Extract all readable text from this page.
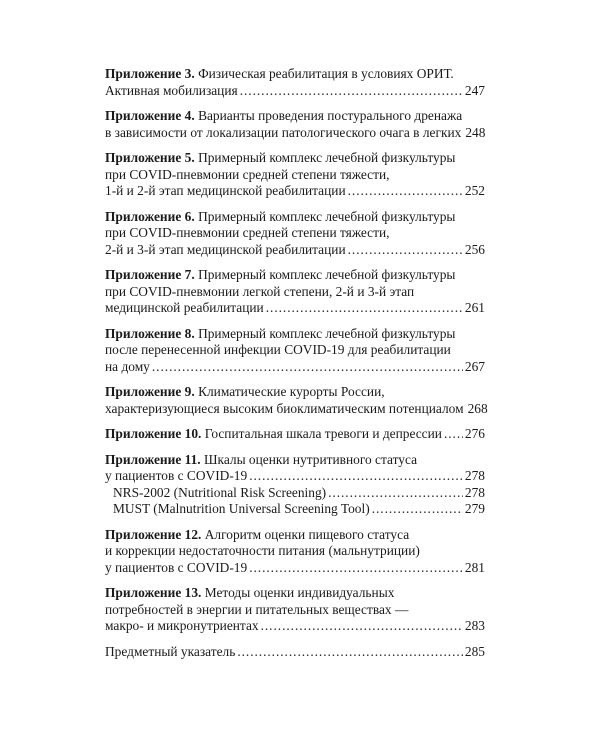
Приложение 3.
Физическая реабилитация в условиях ОРИТ.
Активная мобилизация . . .	247
Приложение 4.
Варианты проведения постурального дренажа
в зависимости от локализации патологического очага в легких 248
Приложение 5.
Примерный комплекс лечебной физкультуры
при COVID-пневмонии средней степени тяжести,
1-й и 2-й этап медицинской реабилитации . . .	252
Приложение 6.
Примерный комплекс лечебной физкультуры
при COVID-пневмонии средней степени тяжести,
2-й и 3-й этап медицинской реабилитации . . .	256
Приложение 7.
Примерный комплекс лечебной физкультуры
при COVID-пневмонии легкой степени, 2-й и 3-й этап
медицинской реабилитации . . .	261
Приложение 8.
Примерный комплекс лечебной физкультуры
после перенесенной инфекции COVID-19 для реабилитации
на дому . . .	267
Приложение 9.
Климатические курорты России,
характеризующиеся высоким биоклиматическим потенциалом 268
Приложение 10.
Госпитальная шкала тревоги и депрессии . . . 276
Приложение 11.
Шкалы оценки нутритивного статуса
у пациентов с COVID-19 . . .	278
NRS-2002 (Nutritional Risk Screening) . . .	278
MUST (Malnutrition Universal Screening Tool) . . .	279
Приложение 12.
Алгоритм оценки пищевого статуса
и коррекции недостаточности питания (мальнутриции)
у пациентов с COVID-19 . . .	281
Приложение 13.
Методы оценки индивидуальных
потребностей в энергии и питательных веществах —
макро- и микронутриентах . . .	283
Предметный указатель . . .	285
